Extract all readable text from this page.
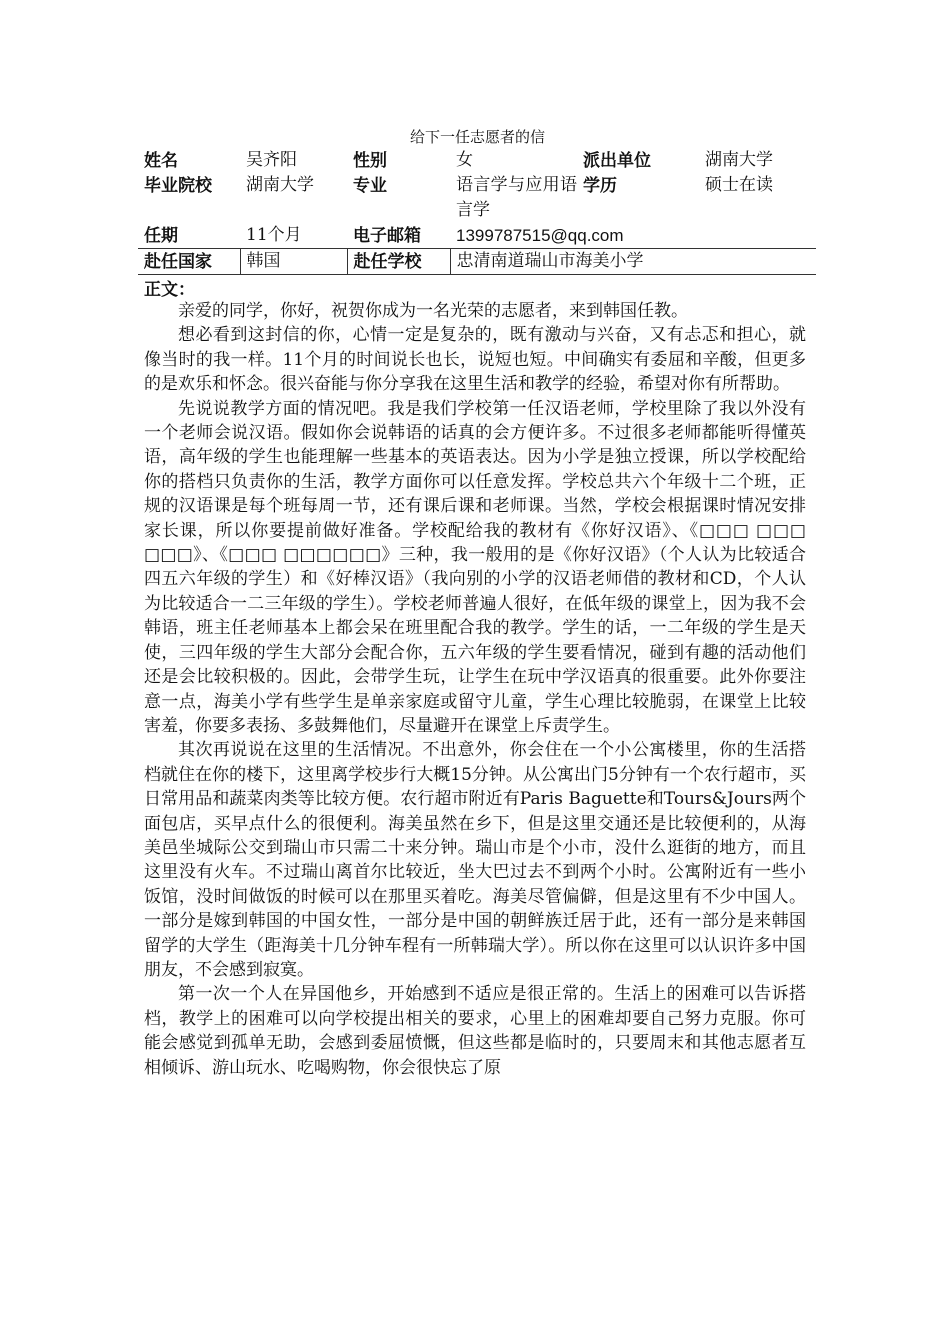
给下一任志愿者的信
姓名	吴齐阳	性别	女	派出单位	湖南大学
毕业院校	湖南大学	专业	语言学与应用语言学	学历	硕士在读
任期	11个月	电子邮箱	1399787515@qq.com		
赴任国家	韩国	赴任学校	忠清南道瑞山市海美小学		
正文：

亲爱的同学，你好，祝贺你成为一名光荣的志愿者，来到韩国任教。

想必看到这封信的你，心情一定是复杂的，既有激动与兴奋，又有忐忑和担心，就像当时的我一样。11个月的时间说长也长，说短也短。中间确实有委屈和辛酸，但更多的是欢乐和怀念。很兴奋能与你分享我在这里生活和教学的经验，希望对你有所帮助。

先说说教学方面的情况吧。我是我们学校第一任汉语老师，学校里除了我以外没有一个老师会说汉语。假如你会说韩语的话真的会方便许多。不过很多老师都能听得懂英语，高年级的学生也能理解一些基本的英语表达。因为小学是独立授课，所以学校配给你的搭档只负责你的生活，教学方面你可以任意发挥。学校总共六个年级十二个班，正规的汉语课是每个班每周一节，还有课后课和老师课。当然，学校会根据课时情况安排家长课，所以你要提前做好准备。学校配给我的教材有《你好汉语》、《□□□ □□□ □□□》、《□□□ □□□□□□》三种，我一般用的是《你好汉语》（个人认为比较适合四五六年级的学生）和《好棒汉语》（我向别的小学的汉语老师借的教材和CD，个人认为比较适合一二三年级的学生）。学校老师普遍人很好，在低年级的课堂上，因为我不会韩语，班主任老师基本上都会呆在班里配合我的教学。学生的话，一二年级的学生是天使，三四年级的学生大部分会配合你，五六年级的学生要看情况，碰到有趣的活动他们还是会比较积极的。因此，会带学生玩，让学生在玩中学汉语真的很重要。此外你要注意一点，海美小学有些学生是单亲家庭或留守儿童，学生心理比较脆弱，在课堂上比较害羞，你要多表扬、多鼓舞他们，尽量避开在课堂上斥责学生。

其次再说说在这里的生活情况。不出意外，你会住在一个小公寓楼里，你的生活搭档就住在你的楼下，这里离学校步行大概15分钟。从公寓出门5分钟有一个农行超市，买日常用品和蔬菜肉类等比较方便。农行超市附近有Paris Baguette和Tours&Jours两个面包店，买早点什么的很便利。海美虽然在乡下，但是这里交通还是比较便利的，从海美邑坐城际公交到瑞山市只需二十来分钟。瑞山市是个小市，没什么逛街的地方，而且这里没有火车。不过瑞山离首尔比较近，坐大巴过去不到两个小时。公寓附近有一些小饭馆，没时间做饭的时候可以在那里买着吃。海美尽管偏僻，但是这里有不少中国人。一部分是嫁到韩国的中国女性，一部分是中国的朝鲜族迁居于此，还有一部分是来韩国留学的大学生（距海美十几分钟车程有一所韩瑞大学）。所以你在这里可以认识许多中国朋友，不会感到寂寞。

第一次一个人在异国他乡，开始感到不适应是很正常的。生活上的困难可以告诉搭档，教学上的困难可以向学校提出相关的要求，心里上的困难却要自己努力克服。你可能会感觉到孤单无助，会感到委屈愤慨，但这些都是临时的，只要周末和其他志愿者互相倾诉、游山玩水、吃喝购物，你会很快忘了原
